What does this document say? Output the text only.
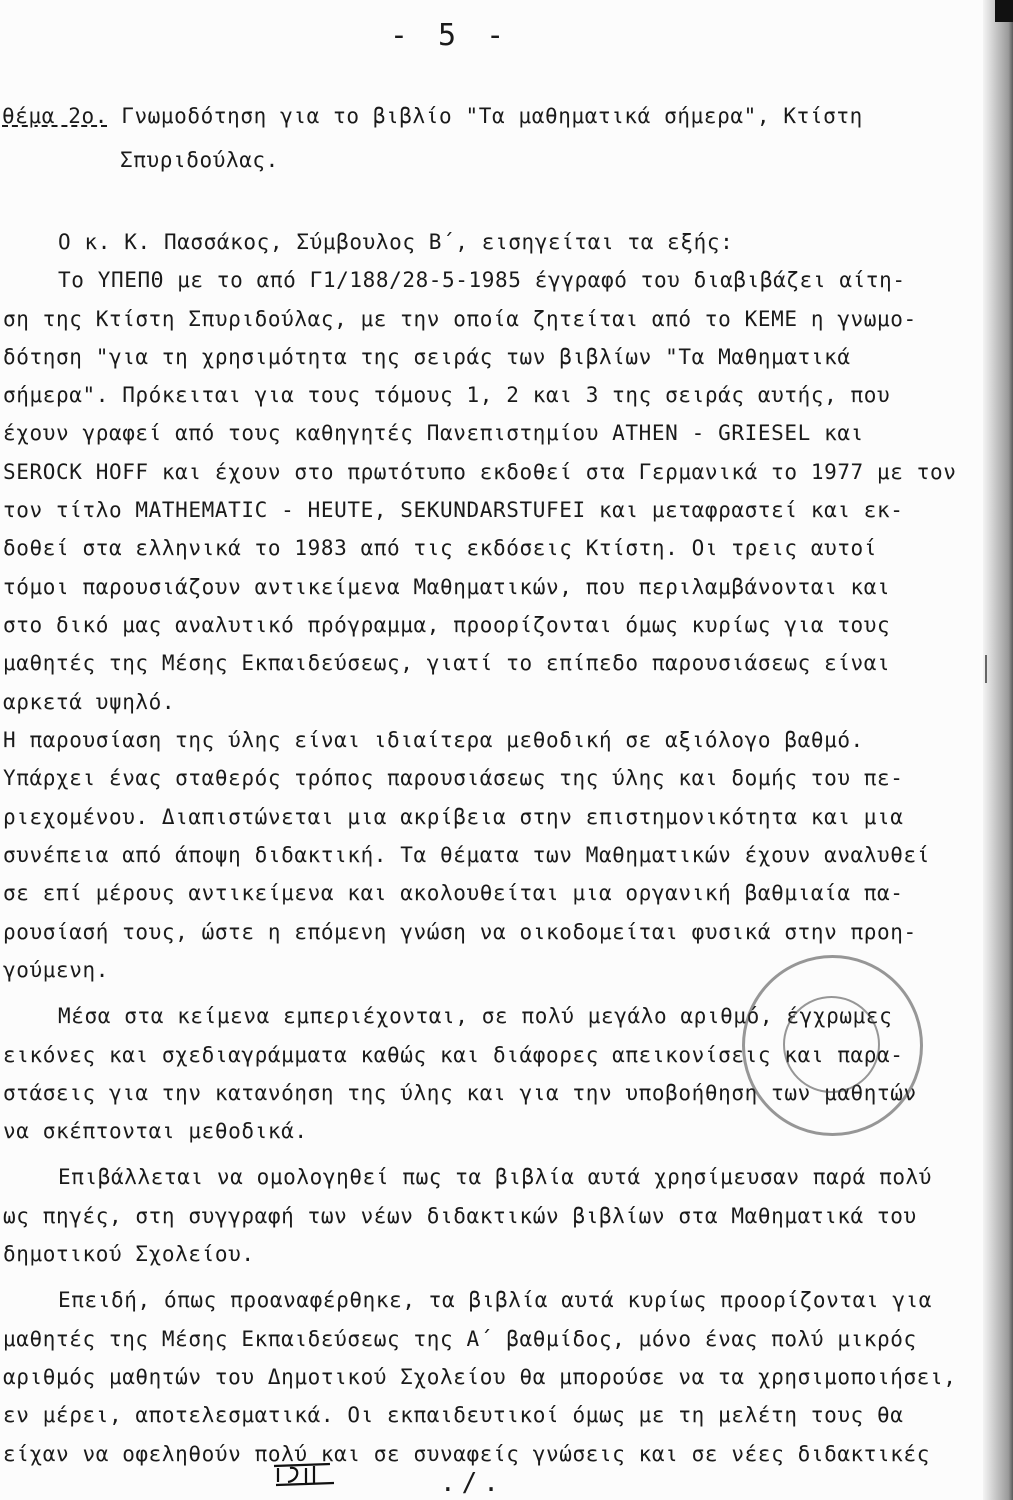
- 5 -
θέμα 2ο. Γνωμοδότηση για το βιβλίο "Τα μαθηματικά σήμερα", Κτίστη
Σπυριδούλας.
Ο κ. Κ. Πασσάκος, Σύμβουλος Β΄, εισηγείται τα εξής:
Το ΥΠΕΠΘ με το από Γ1/188/28-5-1985 έγγραφό του διαβιβάζει αίτη-
ση της Κτίστη Σπυριδούλας, με την οποία ζητείται από το ΚΕΜΕ η γνωμο-
δότηση "για τη χρησιμότητα της σειράς των βιβλίων "Τα Μαθηματικά
σήμερα". Πρόκειται για τους τόμους 1, 2 και 3 της σειράς αυτής, που
έχουν γραφεί από τους καθηγητές Πανεπιστημίου ATHEN - GRIESEL και
SEROCK HOFF και έχουν στο πρωτότυπο εκδοθεί στα Γερμανικά το 1977 με τον
τον τίτλο MATHEMATIC - HEUTE, SEKUNDARSTUFEI και μεταφραστεί και εκ-
δοθεί στα ελληνικά το 1983 από τις εκδόσεις Κτίστη. Οι τρεις αυτοί
τόμοι παρουσιάζουν αντικείμενα Μαθηματικών, που περιλαμβάνονται και
στο δικό μας αναλυτικό πρόγραμμα, προορίζονται όμως κυρίως για τους
μαθητές της Μέσης Εκπαιδεύσεως, γιατί το επίπεδο παρουσιάσεως είναι
αρκετά υψηλό.
Η παρουσίαση της ύλης είναι ιδιαίτερα μεθοδική σε αξιόλογο βαθμό.
Υπάρχει ένας σταθερός τρόπος παρουσιάσεως της ύλης και δομής του πε-
ριεχομένου. Διαπιστώνεται μια ακρίβεια στην επιστημονικότητα και μια
συνέπεια από άποψη διδακτική. Τα θέματα των Μαθηματικών έχουν αναλυθεί
σε επί μέρους αντικείμενα και ακολουθείται μια οργανική βαθμιαία πα-
ρουσίασή τους, ώστε η επόμενη γνώση να οικοδομείται φυσικά στην προη-
γούμενη.
Μέσα στα κείμενα εμπεριέχονται, σε πολύ μεγάλο αριθμό, έγχρωμες
εικόνες και σχεδιαγράμματα καθώς και διάφορες απεικονίσεις και παρα-
στάσεις για την κατανόηση της ύλης και για την υποβοήθηση των μαθητών
να σκέπτονται μεθοδικά.
Επιβάλλεται να ομολογηθεί πως τα βιβλία αυτά χρησίμευσαν παρά πολύ
ως πηγές, στη συγγραφή των νέων διδακτικών βιβλίων στα Μαθηματικά του
δημοτικού Σχολείου.
Επειδή, όπως προαναφέρθηκε, τα βιβλία αυτά κυρίως προορίζονται για
μαθητές της Μέσης Εκπαιδεύσεως της Α΄ βαθμίδος, μόνο ένας πολύ μικρός
αριθμός μαθητών του Δημοτικού Σχολείου θα μπορούσε να τα χρησιμοποιήσει,
εν μέρει, αποτελεσματικά. Οι εκπαιδευτικοί όμως με τη μελέτη τους θα
είχαν να οφεληθούν πολύ και σε συναφείς γνώσεις και σε νέες διδακτικές
./.
